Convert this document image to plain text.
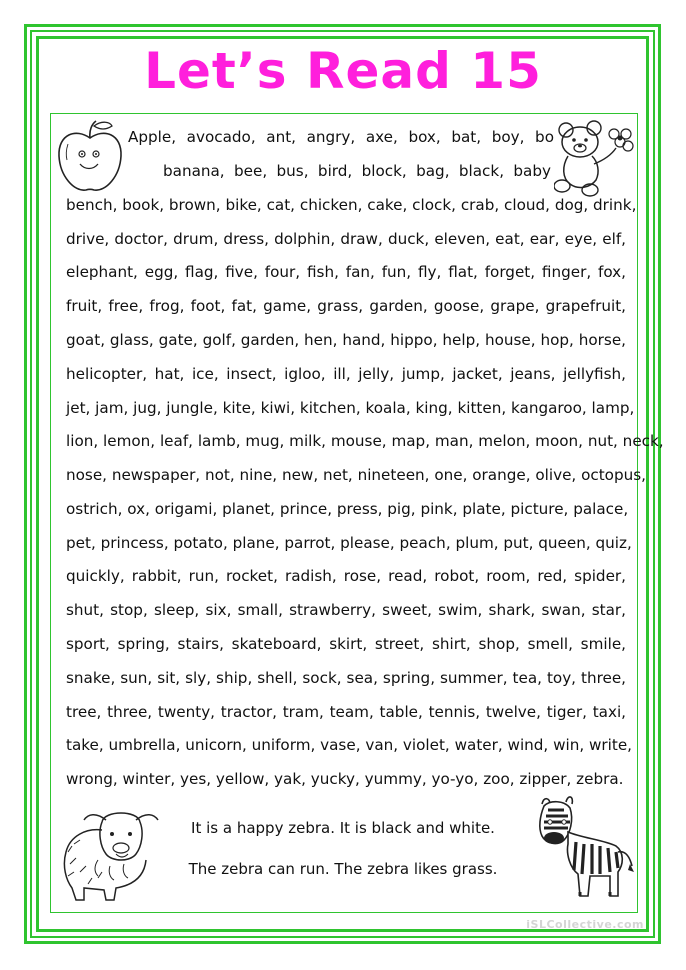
Let’s Read 15

Apple, avocado, ant, angry, axe, box, bat, boy, bo

banana, bee, bus, bird, block, bag, black, baby

bench, book, brown, bike, cat, chicken, cake, clock, crab, cloud, dog, drink,

drive, doctor, drum, dress, dolphin, draw, duck, eleven, eat, ear, eye, elf,

elephant, egg, flag, five, four, fish, fan, fun, fly, flat, forget, finger, fox,

fruit, free, frog, foot, fat, game, grass, garden, goose, grape, grapefruit,

goat, glass, gate, golf, garden, hen, hand, hippo, help, house, hop, horse,

helicopter, hat, ice, insect, igloo, ill, jelly, jump, jacket, jeans, jellyfish,

jet, jam, jug, jungle, kite, kiwi, kitchen, koala, king, kitten, kangaroo, lamp,

lion, lemon, leaf, lamb, mug, milk, mouse, map, man, melon, moon, nut, neck,

nose, newspaper, not, nine, new, net, nineteen, one, orange, olive, octopus,

ostrich, ox, origami, planet, prince, press, pig, pink, plate, picture, palace,

pet, princess, potato, plane, parrot, please, peach, plum, put, queen, quiz,

quickly, rabbit, run, rocket, radish, rose, read, robot, room, red, spider,

shut, stop, sleep, six, small, strawberry, sweet, swim, shark, swan, star,

sport, spring, stairs, skateboard, skirt, street, shirt, shop, smell, smile,

snake, sun, sit, sly, ship, shell, sock, sea, spring, summer, tea, toy, three,

tree, three, twenty, tractor, tram, team, table, tennis, twelve, tiger, taxi,

take, umbrella, unicorn, uniform, vase, van, violet, water, wind, win, write,

wrong, winter, yes, yellow, yak, yucky, yummy, yo-yo, zoo, zipper, zebra.

It is a happy zebra. It is black and white.

The zebra can run. The zebra likes grass.

iSLCollective.com
